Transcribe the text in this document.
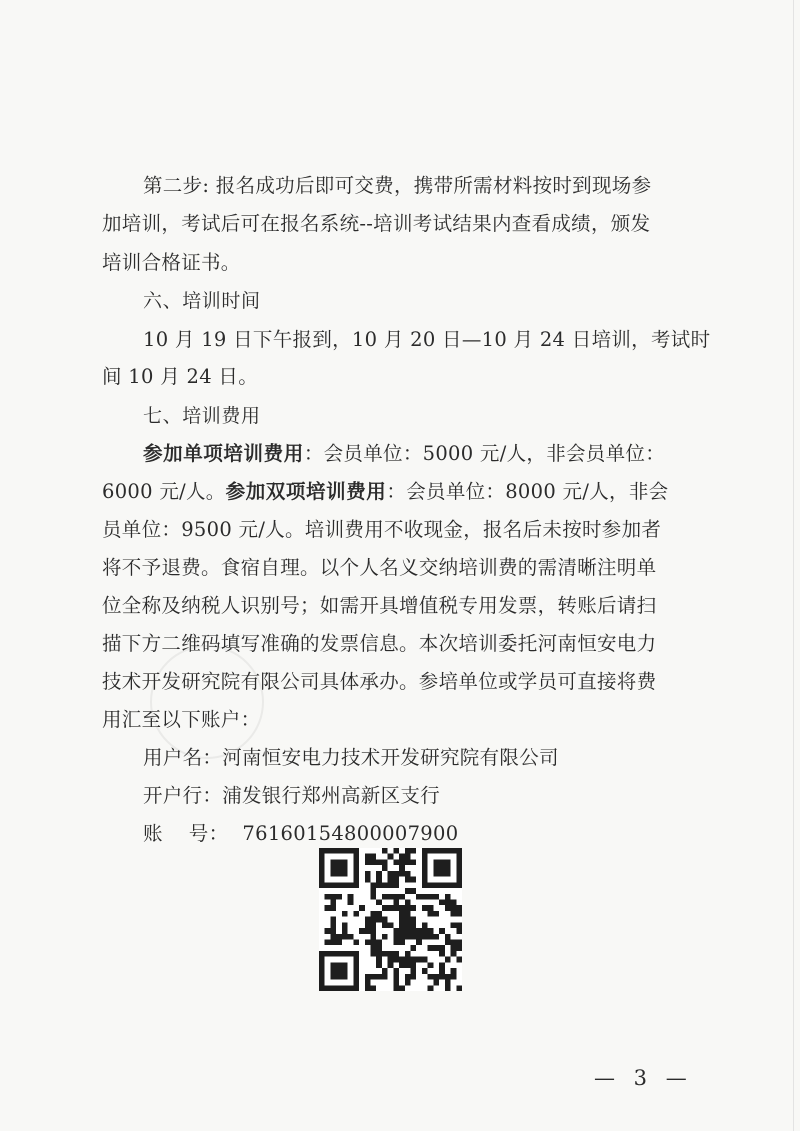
第二步: 报名成功后即可交费，携带所需材料按时到现场参
加培训，考试后可在报名系统--培训考试结果内查看成绩，颁发
培训合格证书。
六、培训时间
10 月 19 日下午报到，10 月 20 日—10 月 24 日培训，考试时
间 10 月 24 日。
七、培训费用
参加单项培训费用：会员单位：5000 元/人，非会员单位：
6000 元/人。参加双项培训费用：会员单位：8000 元/人，非会
员单位：9500 元/人。培训费用不收现金，报名后未按时参加者
将不予退费。食宿自理。以个人名义交纳培训费的需清晰注明单
位全称及纳税人识别号；如需开具增值税专用发票，转账后请扫
描下方二维码填写准确的发票信息。本次培训委托河南恒安电力
技术开发研究院有限公司具体承办。参培单位或学员可直接将费
用汇至以下账户：
用户名：河南恒安电力技术开发研究院有限公司
开户行：浦发银行郑州高新区支行
账    号： 76160154800007900
— 3 —
